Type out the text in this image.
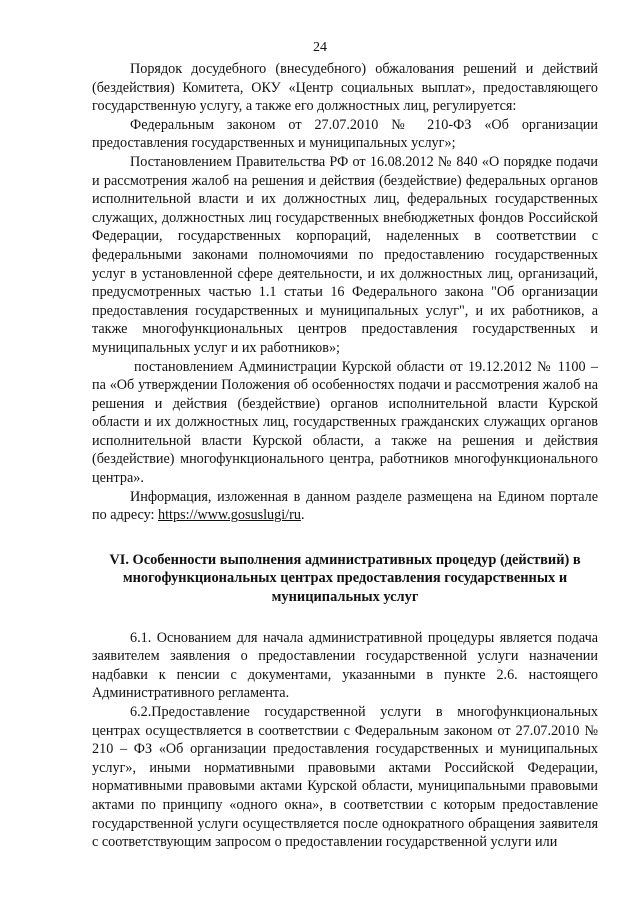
24

Порядок досудебного (внесудебного) обжалования решений и действий (бездействия) Комитета, ОКУ «Центр социальных выплат», предоставляющего государственную услугу, а также его должностных лиц, регулируется:

Федеральным законом от 27.07.2010 № 210-ФЗ «Об организации предоставления государственных и муниципальных услуг»;

Постановлением Правительства РФ от 16.08.2012 № 840 «О порядке подачи и рассмотрения жалоб на решения и действия (бездействие) федеральных органов исполнительной власти и их должностных лиц, федеральных государственных служащих, должностных лиц государственных внебюджетных фондов Российской Федерации, государственных корпораций, наделенных в соответствии с федеральными законами полномочиями по предоставлению государственных услуг в установленной сфере деятельности, и их должностных лиц, организаций, предусмотренных частью 1.1 статьи 16 Федерального закона "Об организации предоставления государственных и муниципальных услуг", и их работников, а также многофункциональных центров предоставления государственных и муниципальных услуг и их работников»;

постановлением Администрации Курской области от 19.12.2012 № 1100 – па «Об утверждении Положения об особенностях подачи и рассмотрения жалоб на решения и действия (бездействие) органов исполнительной власти Курской области и их должностных лиц, государственных гражданских служащих органов исполнительной власти Курской области, а также на решения и действия (бездействие) многофункционального центра, работников многофункционального центра».

Информация, изложенная в данном разделе размещена на Едином портале по адресу: https://www.gosuslugi/ru.

VI. Особенности выполнения административных процедур (действий) в многофункциональных центрах предоставления государственных и муниципальных услуг

6.1. Основанием для начала административной процедуры является подача заявителем заявления о предоставлении государственной услуги назначении надбавки к пенсии с документами, указанными в пункте 2.6. настоящего Административного регламента.

6.2.Предоставление государственной услуги в многофункциональных центрах осуществляется в соответствии с Федеральным законом от 27.07.2010 № 210 – ФЗ «Об организации предоставления государственных и муниципальных услуг», иными нормативными правовыми актами Российской Федерации, нормативными правовыми актами Курской области, муниципальными правовыми актами по принципу «одного окна», в соответствии с которым предоставление государственной услуги осуществляется после однократного обращения заявителя с соответствующим запросом о предоставлении государственной услуги или
